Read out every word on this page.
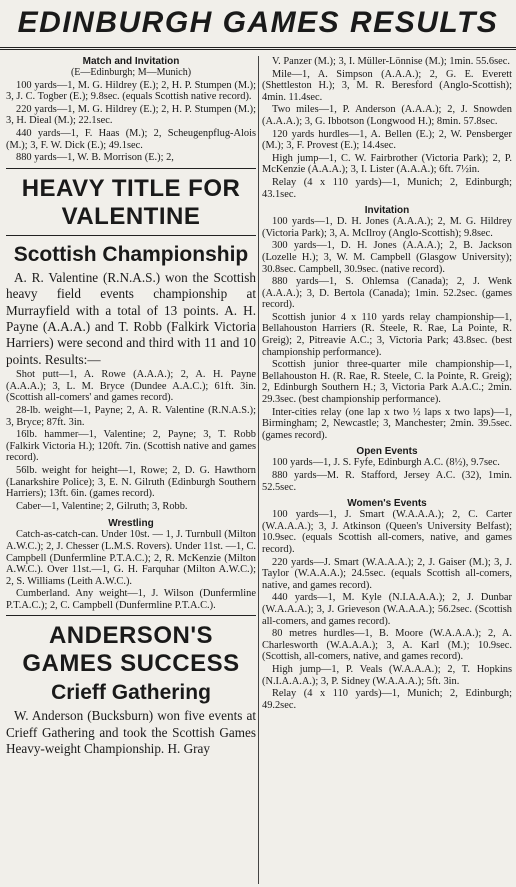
EDINBURGH GAMES RESULTS

Match and Invitation

(E—Edinburgh; M—Munich)

100 yards—1, M. G. Hildrey (E.); 2, H. P. Stumpen (M.); 3, J. C. Togber (E.); 9.8sec. (equals Scottish native record).

220 yards—1, M. G. Hildrey (E.); 2, H. P. Stumpen (M.); 3, H. Dieal (M.); 22.1sec.

440 yards—1, F. Haas (M.); 2, Scheugenpflug-Alois (M.); 3, F. W. Dick (E.); 49.1sec.

880 yards—1, W. B. Morrison (E.); 2,

HEAVY TITLE FOR VALENTINE
Scottish Championship

A. R. Valentine (R.N.A.S.) won the Scottish heavy field events championship at Murrayfield with a total of 13 points. A. H. Payne (A.A.A.) and T. Robb (Falkirk Victoria Harriers) were second and third with 11 and 10 points. Results:—

Shot putt—1, A. Rowe (A.A.A.); 2, A. H. Payne (A.A.A.); 3, L. M. Bryce (Dundee A.A.C.); 61ft. 3in. (Scottish all-comers' and games record).

28-lb. weight—1, Payne; 2, A. R. Valentine (R.N.A.S.); 3, Bryce; 87ft. 3in.

16lb. hammer—1, Valentine; 2, Payne; 3, T. Robb (Falkirk Victoria H.); 120ft. 7in. (Scottish native and games record).

56lb. weight for height—1, Rowe; 2, D. G. Hawthorn (Lanarkshire Police); 3, E. N. Gilruth (Edinburgh Southern Harriers); 13ft. 6in. (games record).

Caber—1, Valentine; 2, Gilruth; 3, Robb.

Wrestling

Catch-as-catch-can. Under 10st. — 1, J. Turnbull (Milton A.W.C.); 2, J. Chesser (L.M.S. Rovers). Under 11st. —1, C. Campbell (Dunfermline P.T.A.C.); 2, R. McKenzie (Milton A.W.C.). Over 11st.—1, G. H. Farquhar (Milton A.W.C.); 2, S. Williams (Leith A.W.C.).

Cumberland. Any weight—1, J. Wilson (Dunfermline P.T.A.C.); 2, C. Campbell (Dunfermline P.T.A.C.).

ANDERSON'S GAMES SUCCESS
Crieff Gathering

W. Anderson (Bucksburn) won five events at Crieff Gathering and took the Scottish Games Heavy-weight Championship. H. Gray

V. Panzer (M.); 3, I. Müller-Lönnise (M.); 1min. 55.6sec.

Mile—1, A. Simpson (A.A.A.); 2, G. E. Everett (Shettleston H.); 3, M. R. Beresford (Anglo-Scottish); 4min. 11.4sec.

Two miles—1, P. Anderson (A.A.A.); 2, J. Snowden (A.A.A.); 3, G. Ibbotson (Longwood H.); 8min. 57.8sec.

120 yards hurdles—1, A. Bellen (E.); 2, W. Pensberger (M.); 3, F. Provest (E.); 14.4sec.

High jump—1, C. W. Fairbrother (Victoria Park); 2, P. McKenzie (A.A.A.); 3, I. Lister (A.A.A.); 6ft. 7½in.

Relay (4 x 110 yards)—1, Munich; 2, Edinburgh; 43.1sec.

Invitation

100 yards—1, D. H. Jones (A.A.A.); 2, M. G. Hildrey (Victoria Park); 3, A. McIlroy (Anglo-Scottish); 9.8sec.

300 yards—1, D. H. Jones (A.A.A.); 2, B. Jackson (Lozelle H.); 3, W. M. Campbell (Glasgow University); 30.8sec. Campbell, 30.9sec. (native record).

880 yards—1, S. Ohlemsa (Canada); 2, J. Wenk (A.A.A.); 3, D. Bertola (Canada); 1min. 52.2sec. (games record).

Scottish junior 4 x 110 yards relay championship—1, Bellahouston Harriers (R. Steele, R. Rae, La Pointe, R. Greig); 2, Pitreavie A.C.; 3, Victoria Park; 43.8sec. (best championship performance).

Scottish junior three-quarter mile championship—1, Bellahouston H. (R. Rae, R. Steele, C. la Pointe, R. Greig); 2, Edinburgh Southern H.; 3, Victoria Park A.A.C.; 2min. 29.3sec. (best championship performance).

Inter-cities relay (one lap x two ½ laps x two laps)—1, Birmingham; 2, Newcastle; 3, Manchester; 2min. 39.5sec. (games record).

Open Events

100 yards—1, J. S. Fyfe, Edinburgh A.C. (8½), 9.7sec.

880 yards—M. R. Stafford, Jersey A.C. (32), 1min. 52.5sec.

Women's Events

100 yards—1, J. Smart (W.A.A.A.); 2, C. Carter (W.A.A.A.); 3, J. Atkinson (Queen's University Belfast); 10.9sec. (equals Scottish all-comers, native, and games record).

220 yards—J. Smart (W.A.A.A.); 2, J. Gaiser (M.); 3, J. Taylor (W.A.A.A.); 24.5sec. (equals Scottish all-comers, native, and games record).

440 yards—1, M. Kyle (N.I.A.A.A.); 2, J. Dunbar (W.A.A.A.); 3, J. Grieveson (W.A.A.A.); 56.2sec. (Scottish all-comers, and games record).

80 metres hurdles—1, B. Moore (W.A.A.A.); 2, A. Charlesworth (W.A.A.A.); 3, A. Karl (M.); 10.9sec. (Scottish, all-comers, native, and games record).

High jump—1, P. Veals (W.A.A.A.); 2, T. Hopkins (N.I.A.A.A.); 3, P. Sidney (W.A.A.A.); 5ft. 3in.

Relay (4 x 110 yards)—1, Munich; 2, Edinburgh; 49.2sec.
